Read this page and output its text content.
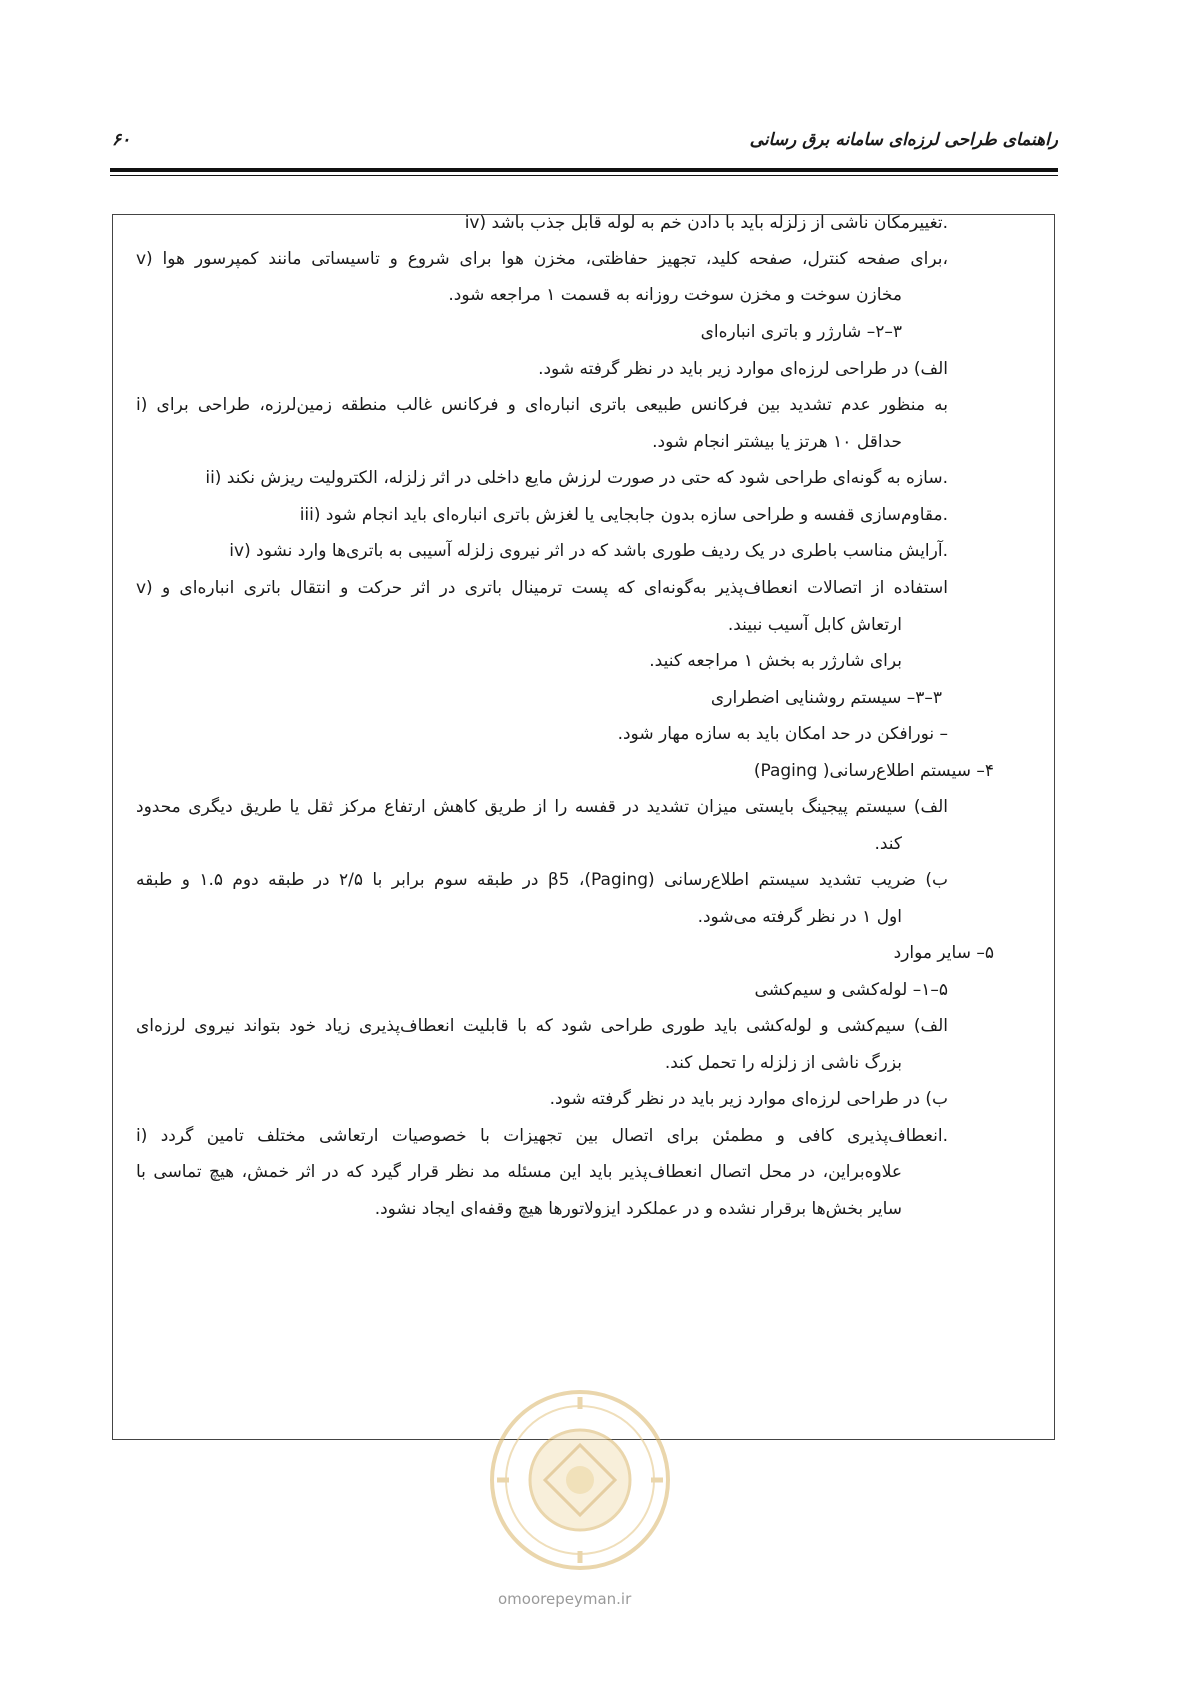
راهنمای طراحی لرزه‌ای سامانه برق رسانی
۶۰
iv) تغییرمکان ناشی از زلزله باید با دادن خم به لوله قابل جذب باشد.
v) برای صفحه کنترل، صفحه کلید، تجهیز حفاظتی، مخزن هوا برای شروع و تاسیساتی مانند کمپرسور هوا،
مخازن سوخت و مخزن سوخت روزانه به قسمت ۱ مراجعه شود.
۳–۲– شارژر و باتری انباره‌ای
الف) در طراحی لرزه‌ای موارد زیر باید در نظر گرفته شود.
i) به منظور عدم تشدید بین فرکانس طبیعی باتری انباره‌ای و فرکانس غالب منطقه زمین‌لرزه، طراحی برای
حداقل ۱۰ هرتز یا بیشتر انجام شود.
ii) سازه به گونه‌ای طراحی شود که حتی در صورت لرزش مایع داخلی در اثر زلزله، الکترولیت ریزش نکند.
iii) مقاوم‌سازی قفسه و طراحی سازه بدون جابجایی یا لغزش باتری انباره‌ای باید انجام شود.
iv) آرایش مناسب باطری در یک ردیف طوری باشد که در اثر نیروی زلزله آسیبی به باتری‌ها وارد نشود.
v) استفاده از اتصالات انعطاف‌پذیر به‌گونه‌ای که پست ترمینال باتری در اثر حرکت و انتقال باتری انباره‌ای و
ارتعاش کابل آسیب نبیند.
برای شارژر به بخش ۱ مراجعه کنید.
۳–۳– سیستم روشنایی اضطراری
– نورافکن در حد امکان باید به سازه مهار شود.
۴– سیستم اطلاع‌رسانی( Paging)
الف) سیستم پیجینگ بایستی میزان تشدید در قفسه را از طریق کاهش ارتفاع مرکز ثقل یا طریق دیگری محدود
کند.
ب) ضریب تشدید سیستم اطلاع‌رسانی (Paging)، β5 در طبقه سوم برابر با ۲/۵ در طبقه دوم ۱.۵ و طبقه
اول ۱ در نظر گرفته می‌شود.
۵– سایر موارد
۵–۱– لوله‌کشی و سیم‌کشی
الف) سیم‌کشی و لوله‌کشی باید طوری طراحی شود که با قابلیت انعطاف‌پذیری زیاد خود بتواند نیروی لرزه‌ای
بزرگ ناشی از زلزله را تحمل کند.
ب) در طراحی لرزه‌ای موارد زیر باید در نظر گرفته شود.
i) انعطاف‌پذیری کافی و مطمئن برای اتصال بین تجهیزات با خصوصیات ارتعاشی مختلف تامین گردد.
علاوه‌براین، در محل اتصال انعطاف‌پذیر باید این مسئله مد نظر قرار گیرد که در اثر خمش، هیچ تماسی با
سایر بخش‌ها برقرار نشده و در عملکرد ایزولاتورها هیچ وقفه‌ای ایجاد نشود.
omoorepeyman.ir
